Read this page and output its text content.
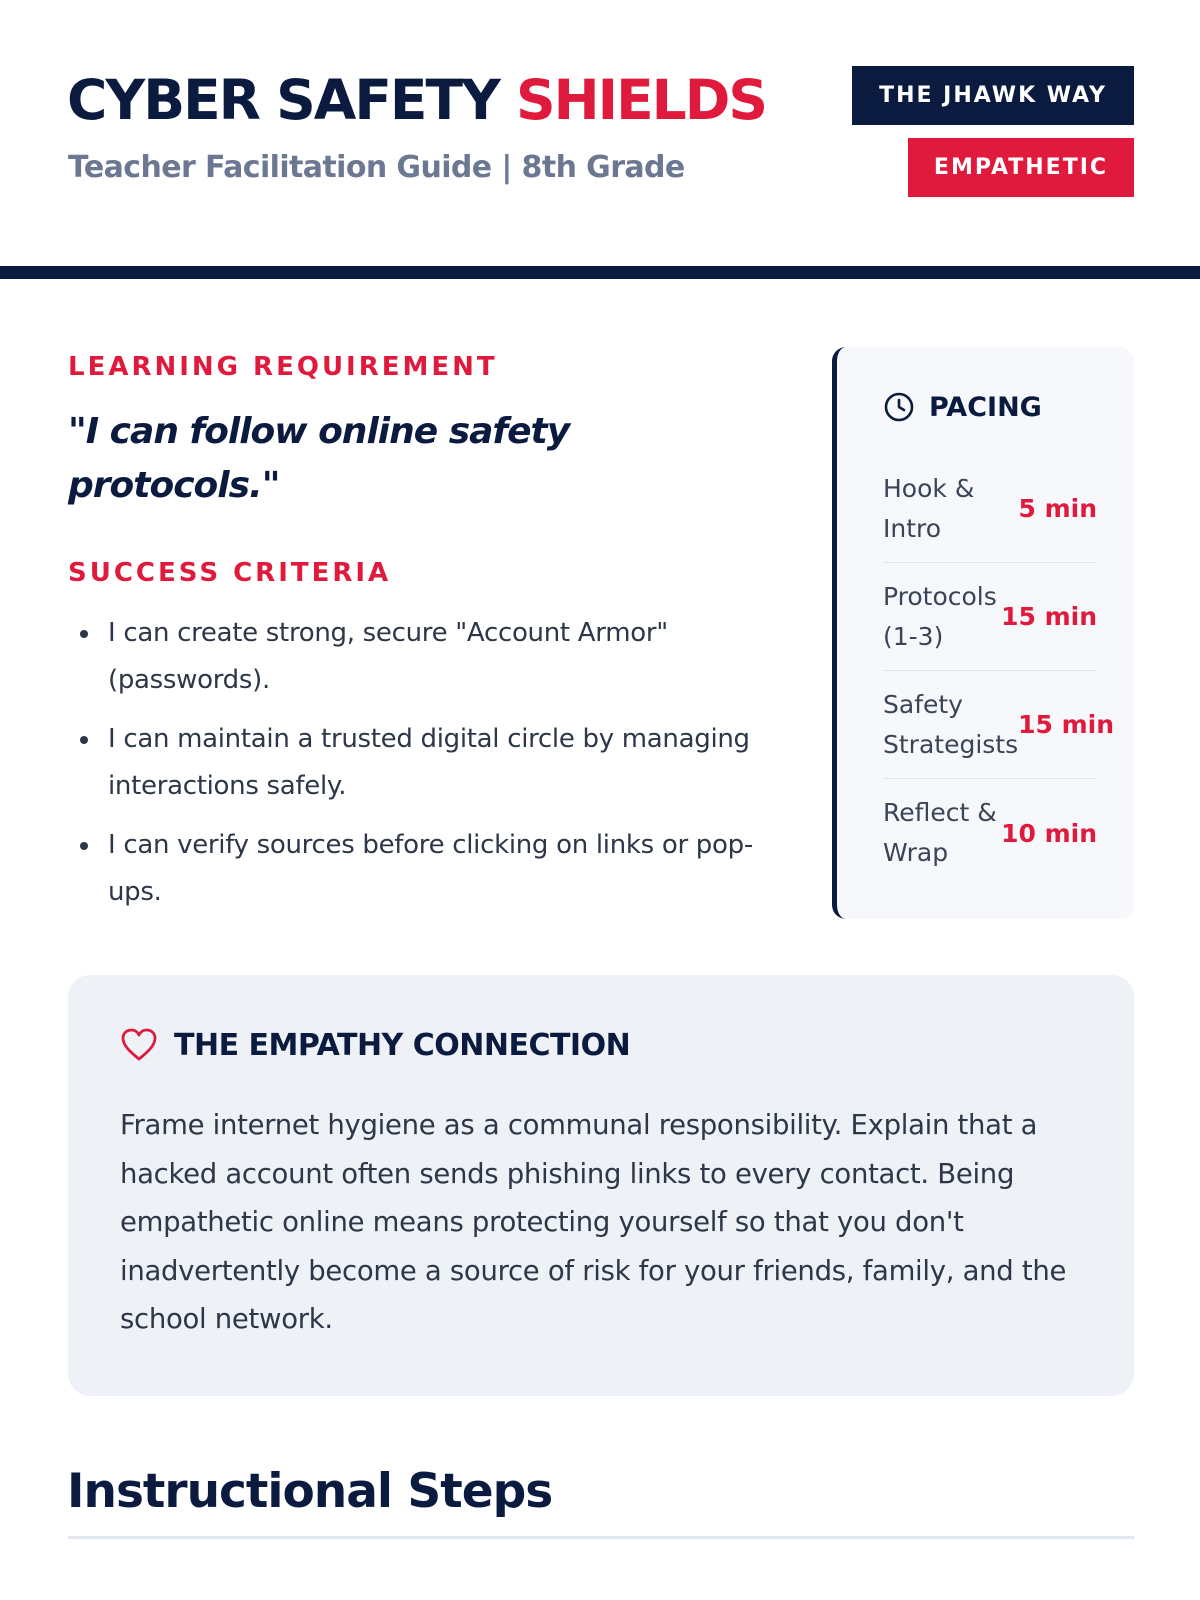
CYBER SAFETY SHIELDS
Teacher Facilitation Guide | 8th Grade
THE JHAWK WAY
EMPATHETIC
LEARNING REQUIREMENT
"I can follow online safety protocols."
SUCCESS CRITERIA
I can create strong, secure "Account Armor" (passwords).
I can maintain a trusted digital circle by managing interactions safely.
I can verify sources before clicking on links or pop-ups.
PACING
Hook & Intro
5 min
Protocols (1-3)
15 min
Safety Strategists
15 min
Reflect & Wrap
10 min
THE EMPATHY CONNECTION

Frame internet hygiene as a communal responsibility. Explain that a hacked account often sends phishing links to every contact. Being empathetic online means protecting yourself so that you don't inadvertently become a source of risk for your friends, family, and the school network.

Instructional Steps
